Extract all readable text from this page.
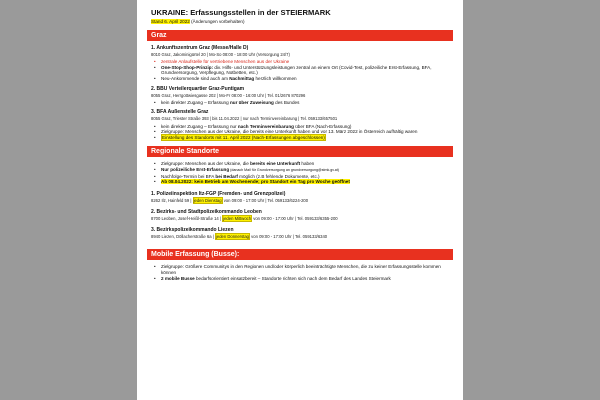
UKRAINE: Erfassungsstellen in der STEIERMARK
Stand 6. April 2022 (Änderungen vorbehalten)
Graz
1. Ankunftszentrum Graz (Messe/Halle D)
8010 Graz, Jakominigürtel 20 | Mo-So 08:00 - 18:00 Uhr (Versorgung 24/7)
• zentrale Anlaufstelle für vertriebene Menschen aus der Ukraine
• One-Stop-Shop-Prinzip: div. Hilfs- und Unterstützungsleistungen zentral an einem Ort (Covid-Test, polizeiliche Erst-Erfassung, BFA, Grundversorgung, Verpflegung, Notbetten, etc.)
• Neu-Ankommende sind auch am Nachmittag herzlich willkommen
2. BBU Verteilerquartier Graz-Puntigam
8055 Graz, Herrgottwiesgasse 202 | Mo-Fr 08:00 - 16:00 Uhr | Tel. 01/2676 870296
• kein direkter Zugang – Erfassung nur über Zuweisung des Bundes
3. BFA Außenstelle Graz
8055 Graz, Triester Straße 393 | bis 11.04.2022 | nur nach Terminvereinbarung | Tel. 059133/657501
• kein direkter Zugang – Erfassung nur nach Terminvereinbarung über BFA (Nach-Erfassung)
• Zielgruppe: Menschen aus der Ukraine, die bereits eine Unterkunft haben und vor 13. März 2022 in Österreich aufhältig waren
• Einstellung des Standorts mit 11. April 2022 (Nach-Erfassungen abgeschlossen)
Regionale Standorte
• Zielgruppe: Menschen aus der Ukraine, die bereits eine Unterkunft haben
• Nur polizeiliche Erst-Erfassung (danach Mail für Grundversorgung an grundversorgung@stmk.gv.at)
• Nachfolge-Termin bei BFA bei Bedarf möglich (z.B fehlende Dokumente, etc.)
• Ab 08.04.2022: kein Betrieb am Wochenende; pro Standort ein Tag pro Woche geöffnet
1. Polizeiinspektion Itz-FGP (Fremden- und Grenzpolizei)
8262 Ilz, Hainfeld 59 | jeden Dienstag von 09:00 - 17:00 Uhr | Tel. 059133/6224-200
2. Bezirks- und Stadtpolizeikommando Leoben
8700 Leoben, Josef-Heißl-Straße 14 | jeden Mittwoch von 09:00 - 17:00 Uhr | Tel. 059133/6355-200
3. Bezirkspolizeikommando Liezen
8940 Liezen, Döllacherstraße 6a | jeden Donnerstag von 09:00 - 17:00 Uhr | Tel. 059133/6340
Mobile Erfassung (Busse):
• Zielgruppe: Größere Communitys in den Regionen und/oder körperlich beeinträchtigte Menschen, die zu keiner Erfassungsstelle kommen können
• 2 mobile Busse bedarfsorientiert einsatzbereit – Standorte richten sich nach dem Bedarf des Landes Steiermark
